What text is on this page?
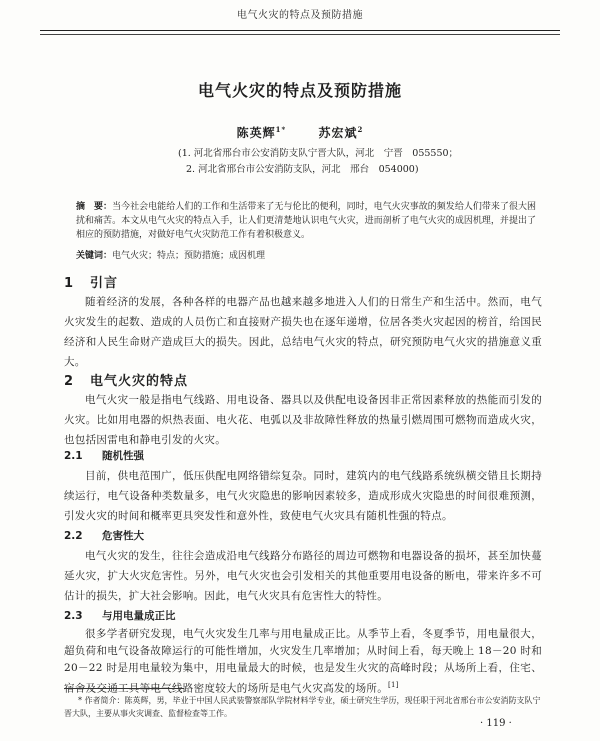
电气火灾的特点及预防措施
电气火灾的特点及预防措施
陈英辉$^{1*}$	苏宏斌$^2$
(1. 河北省邢台市公安消防支队宁晋大队，河北　宁晋　055550；
2. 河北省邢台市公安消防支队，河北　邢台　054000)
摘　要：当今社会电能给人们的工作和生活带来了无与伦比的便利，同时，电气火灾事故的频发给人们带来了很大困扰和痛苦。本文从电气火灾的特点入手，让人们更清楚地认识电气火灾，进而剖析了电气火灾的成因机理，并提出了相应的预防措施，对做好电气火灾防范工作有着积极意义。
关键词：电气火灾；特点；预防措施；成因机理
1 引言
随着经济的发展，各种各样的电器产品也越来越多地进入人们的日常生产和生活中。然而，电气火灾发生的起数、造成的人员伤亡和直接财产损失也在逐年递增，位居各类火灾起因的榜首，给国民经济和人民生命财产造成巨大的损失。因此，总结电气火灾的特点，研究预防电气火灾的措施意义重大。
2 电气火灾的特点
电气火灾一般是指电气线路、用电设备、器具以及供配电设备因非正常因素释放的热能而引发的火灾。比如用电器的炽热表面、电火花、电弧以及非故障性释放的热量引燃周围可燃物而造成火灾，也包括因雷电和静电引发的火灾。
2.1 随机性强
目前，供电范围广，低压供配电网络错综复杂。同时，建筑内的电气线路系统纵横交错且长期持续运行，电气设备种类数量多，电气火灾隐患的影响因素较多，造成形成火灾隐患的时间很难预测，引发火灾的时间和概率更具突发性和意外性，致使电气火灾具有随机性强的特点。
2.2 危害性大
电气火灾的发生，往往会造成沿电气线路分布路径的周边可燃物和电器设备的损坏，甚至加快蔓延火灾，扩大火灾危害性。另外，电气火灾也会引发相关的其他重要用电设备的断电，带来许多不可估计的损失，扩大社会影响。因此，电气火灾具有危害性大的特性。
2.3 与用电量成正比
很多学者研究发现，电气火灾发生几率与用电量成正比。从季节上看，冬夏季节，用电量很大，超负荷和电气设备故障运行的可能性增加，火灾发生几率增加；从时间上看，每天晚上 18－20 时和 20－22 时是用电量较为集中，用电量最大的时候，也是发生火灾的高峰时段；从场所上看，住宅、宿舍及交通工具等电气线路密度较大的场所是电气火灾高发的场所。[1]
* 作者简介：陈英辉，男，毕业于中国人民武装警察部队学院材料学专业，硕士研究生学历，现任职于河北省邢台市公安消防支队宁晋大队，主要从事火灾调查、监督检查等工作。
· 119 ·
